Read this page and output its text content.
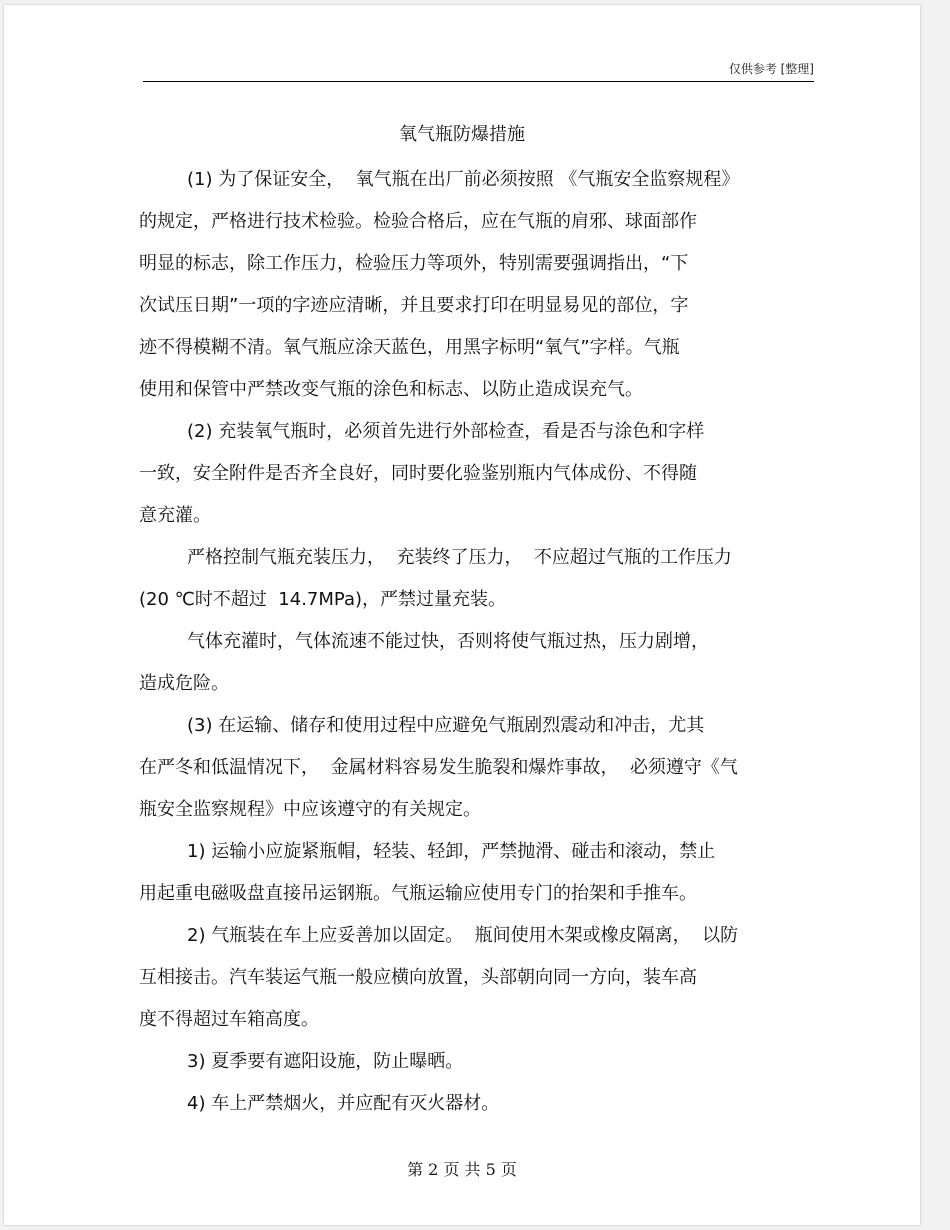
仅供参考 [整理]
氧气瓶防爆措施
(1) 为了保证安全，  氧气瓶在出厂前必须按照 《气瓶安全监察规程》
的规定，严格进行技术检验。检验合格后，应在气瓶的肩邪、球面部作
明显的标志，除工作压力，检验压力等项外，特别需要强调指出，“下
次试压日期”一项的字迹应清晰，并且要求打印在明显易见的部位，字
迹不得模糊不清。氧气瓶应涂天蓝色，用黑字标明“氧气”字样。气瓶
使用和保管中严禁改变气瓶的涂色和标志、以防止造成误充气。
(2) 充装氧气瓶时，必须首先进行外部检查，看是否与涂色和字样
一致，安全附件是否齐全良好，同时要化验鉴别瓶内气体成份、不得随
意充灌。
严格控制气瓶充装压力，  充装终了压力，  不应超过气瓶的工作压力
(20 ℃时不超过  14.7MPa)，严禁过量充装。
气体充灌时，气体流速不能过快，否则将使气瓶过热，压力剧增，
造成危险。
(3) 在运输、储存和使用过程中应避免气瓶剧烈震动和冲击，尤其
在严冬和低温情况下，  金属材料容易发生脆裂和爆炸事故，  必须遵守《气
瓶安全监察规程》中应该遵守的有关规定。
1) 运输小应旋紧瓶帽，轻装、轻卸，严禁抛滑、碰击和滚动，禁止
用起重电磁吸盘直接吊运钢瓶。气瓶运输应使用专门的抬架和手推车。
2) 气瓶装在车上应妥善加以固定。  瓶间使用木架或橡皮隔离，  以防
互相接击。汽车装运气瓶一般应横向放置，头部朝向同一方向，装车高
度不得超过车箱高度。
3) 夏季要有遮阳设施，防止曝晒。
4) 车上严禁烟火，并应配有灭火器材。
第 2 页 共 5 页
